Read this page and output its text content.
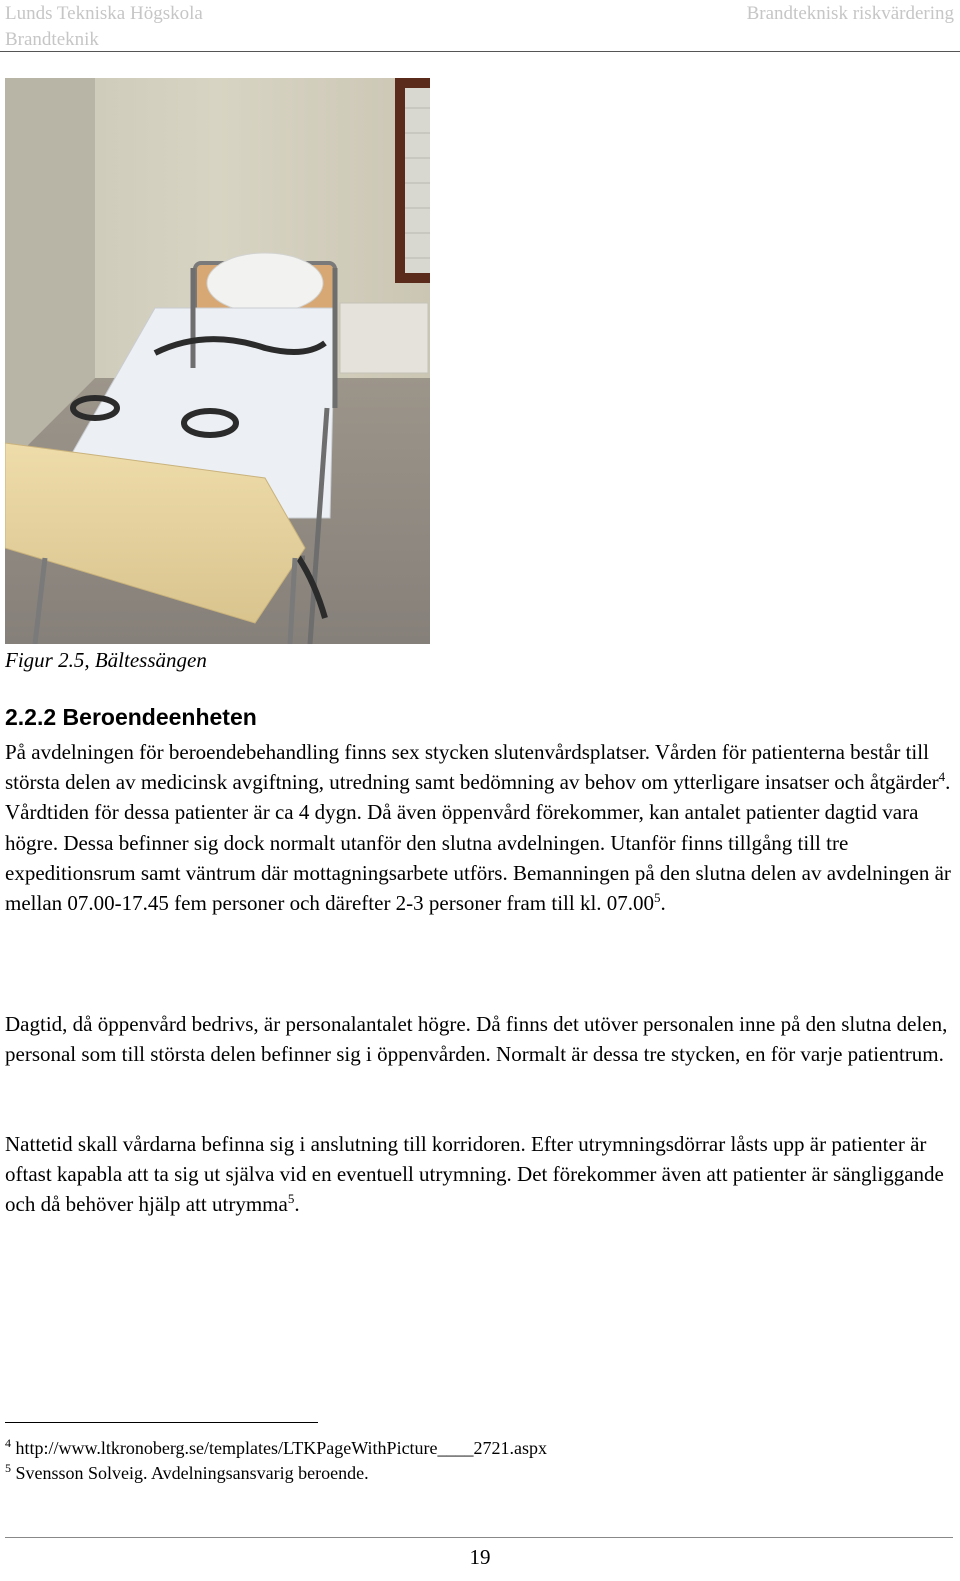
Lunds Tekniska Högskola
Brandteknik
Brandteknisk riskvärdering
Figur 2.5, Bältessängen
2.2.2 Beroendeenheten

På avdelningen för beroendebehandling finns sex stycken slutenvårdsplatser. Vården för patienterna består till största delen av medicinsk avgiftning, utredning samt bedömning av behov om ytterligare insatser och åtgärder$^4$. Vårdtiden för dessa patienter är ca 4 dygn. Då även öppenvård förekommer, kan antalet patienter dagtid vara högre. Dessa befinner sig dock normalt utanför den slutna avdelningen. Utanför finns tillgång till tre expeditionsrum samt väntrum där mottagningsarbete utförs. Bemanningen på den slutna delen av avdelningen är mellan 07.00-17.45 fem personer och därefter 2-3 personer fram till kl. 07.00$^5$.

Dagtid, då öppenvård bedrivs, är personalantalet högre. Då finns det utöver personalen inne på den slutna delen, personal som till största delen befinner sig i öppenvården. Normalt är dessa tre stycken, en för varje patientrum.

Nattetid skall vårdarna befinna sig i anslutning till korridoren. Efter utrymningsdörrar låsts upp är patienter är oftast kapabla att ta sig ut själva vid en eventuell utrymning. Det förekommer även att patienter är sängliggande och då behöver hjälp att utrymma$^5$.

$^4$ http://www.ltkronoberg.se/templates/LTKPageWithPicture____2721.aspx
$^5$ Svensson Solveig. Avdelningsansvarig beroende.
19
